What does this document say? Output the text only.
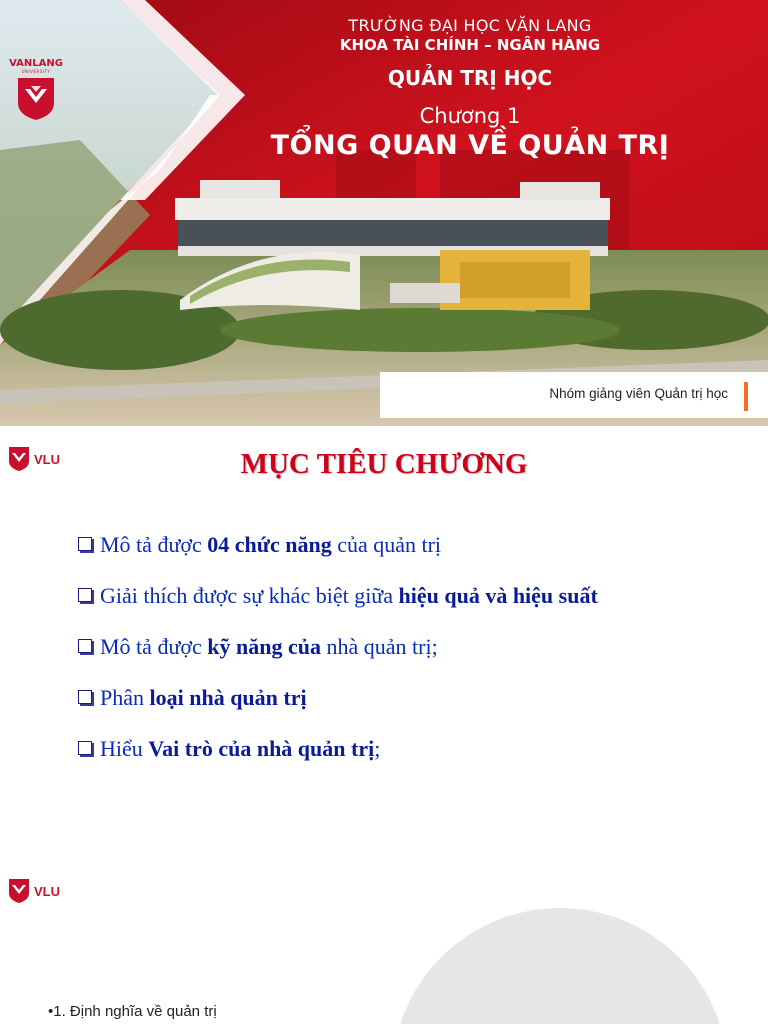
VANLANG
UNIVERSITY
TRƯỜNG ĐẠI HỌC VĂN LANG
KHOA TÀI CHÍNH – NGÂN HÀNG
QUẢN TRỊ HỌC
Chương 1
TỔNG QUAN VỀ QUẢN TRỊ
Nhóm giảng viên Quản trị học
VLU	MỤC TIÊU CHƯƠNG
Mô tả được 04 chức năng của quản trị
Giải thích được sự khác biệt giữa hiệu quả và hiệu suất
Mô tả được kỹ năng của nhà quản trị;
Phân loại nhà quản trị
Hiểu Vai trò của nhà quản trị;
VLU
•1. Định nghĩa về quản trị
